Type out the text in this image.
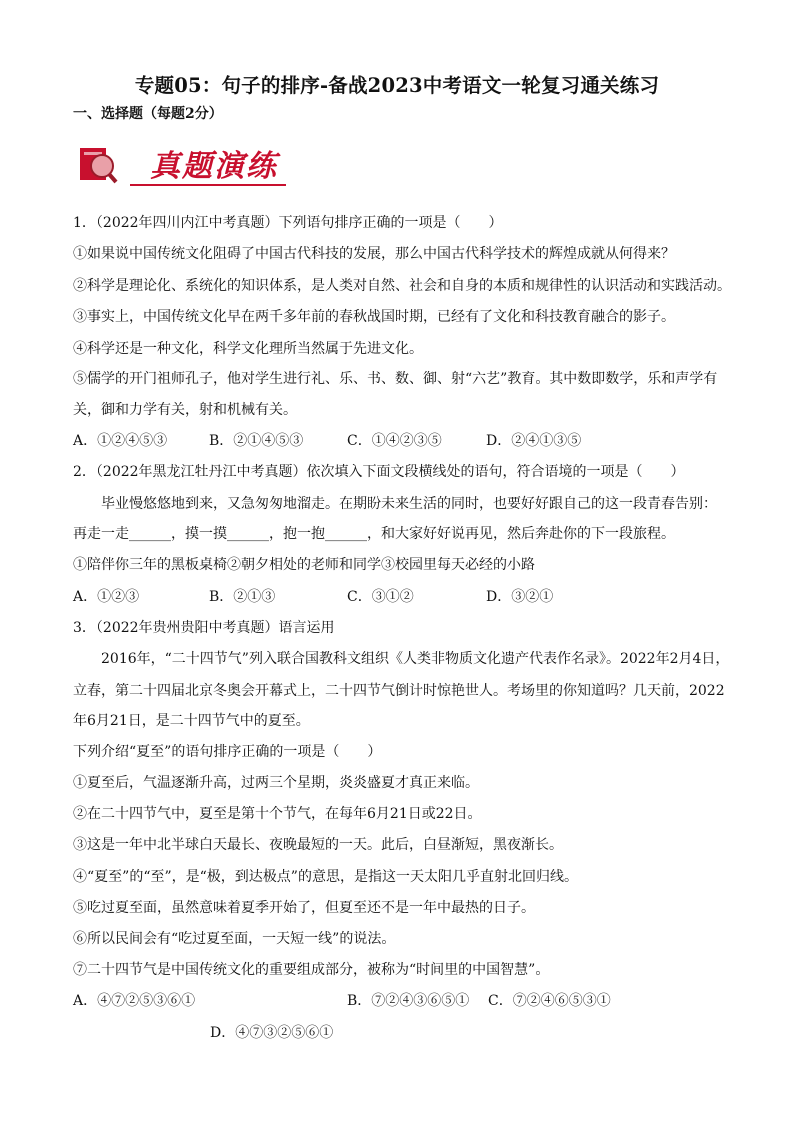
专题05：句子的排序-备战2023中考语文一轮复习通关练习
一、选择题（每题2分）
真题演练
1．（2022年四川内江中考真题）下列语句排序正确的一项是（　　）
①如果说中国传统文化阻碍了中国古代科技的发展，那么中国古代科学技术的辉煌成就从何得来？
②科学是理论化、系统化的知识体系，是人类对自然、社会和自身的本质和规律性的认识活动和实践活动。
③事实上，中国传统文化早在两千多年前的春秋战国时期，已经有了文化和科技教育融合的影子。
④科学还是一种文化，科学文化理所当然属于先进文化。
⑤儒学的开门祖师孔子，他对学生进行礼、乐、书、数、御、射“六艺”教育。其中数即数学，乐和声学有
关，御和力学有关，射和机械有关。
A．①②④⑤③	B．②①④⑤③	C．①④②③⑤	D．②④①③⑤
2．（2022年黑龙江牡丹江中考真题）依次填入下面文段横线处的语句，符合语境的一项是（　　）
毕业慢悠悠地到来，又急匆匆地溜走。在期盼未来生活的同时，也要好好跟自己的这一段青春告别：
再走一走______，摸一摸______，抱一抱______，和大家好好说再见，然后奔赴你的下一段旅程。
①陪伴你三年的黑板桌椅②朝夕相处的老师和同学③校园里每天必经的小路
A．①②③	B．②①③	C．③①②	D．③②①
3．（2022年贵州贵阳中考真题）语言运用
2016年，“二十四节气”列入联合国教科文组织《人类非物质文化遗产代表作名录》。2022年2月4日，
立春，第二十四届北京冬奥会开幕式上，二十四节气倒计时惊艳世人。考场里的你知道吗？几天前，2022
年6月21日，是二十四节气中的夏至。
下列介绍“夏至”的语句排序正确的一项是（　　）
①夏至后，气温逐渐升高，过两三个星期，炎炎盛夏才真正来临。
②在二十四节气中，夏至是第十个节气，在每年6月21日或22日。
③这是一年中北半球白天最长、夜晚最短的一天。此后，白昼渐短，黑夜渐长。
④“夏至”的“至”，是“极，到达极点”的意思，是指这一天太阳几乎直射北回归线。
⑤吃过夏至面，虽然意味着夏季开始了，但夏至还不是一年中最热的日子。
⑥所以民间会有“吃过夏至面，一天短一线”的说法。
⑦二十四节气是中国传统文化的重要组成部分，被称为“时间里的中国智慧”。
A．④⑦②⑤③⑥①	B．⑦②④③⑥⑤① C．⑦②④⑥⑤③①
D．④⑦③②⑤⑥①
